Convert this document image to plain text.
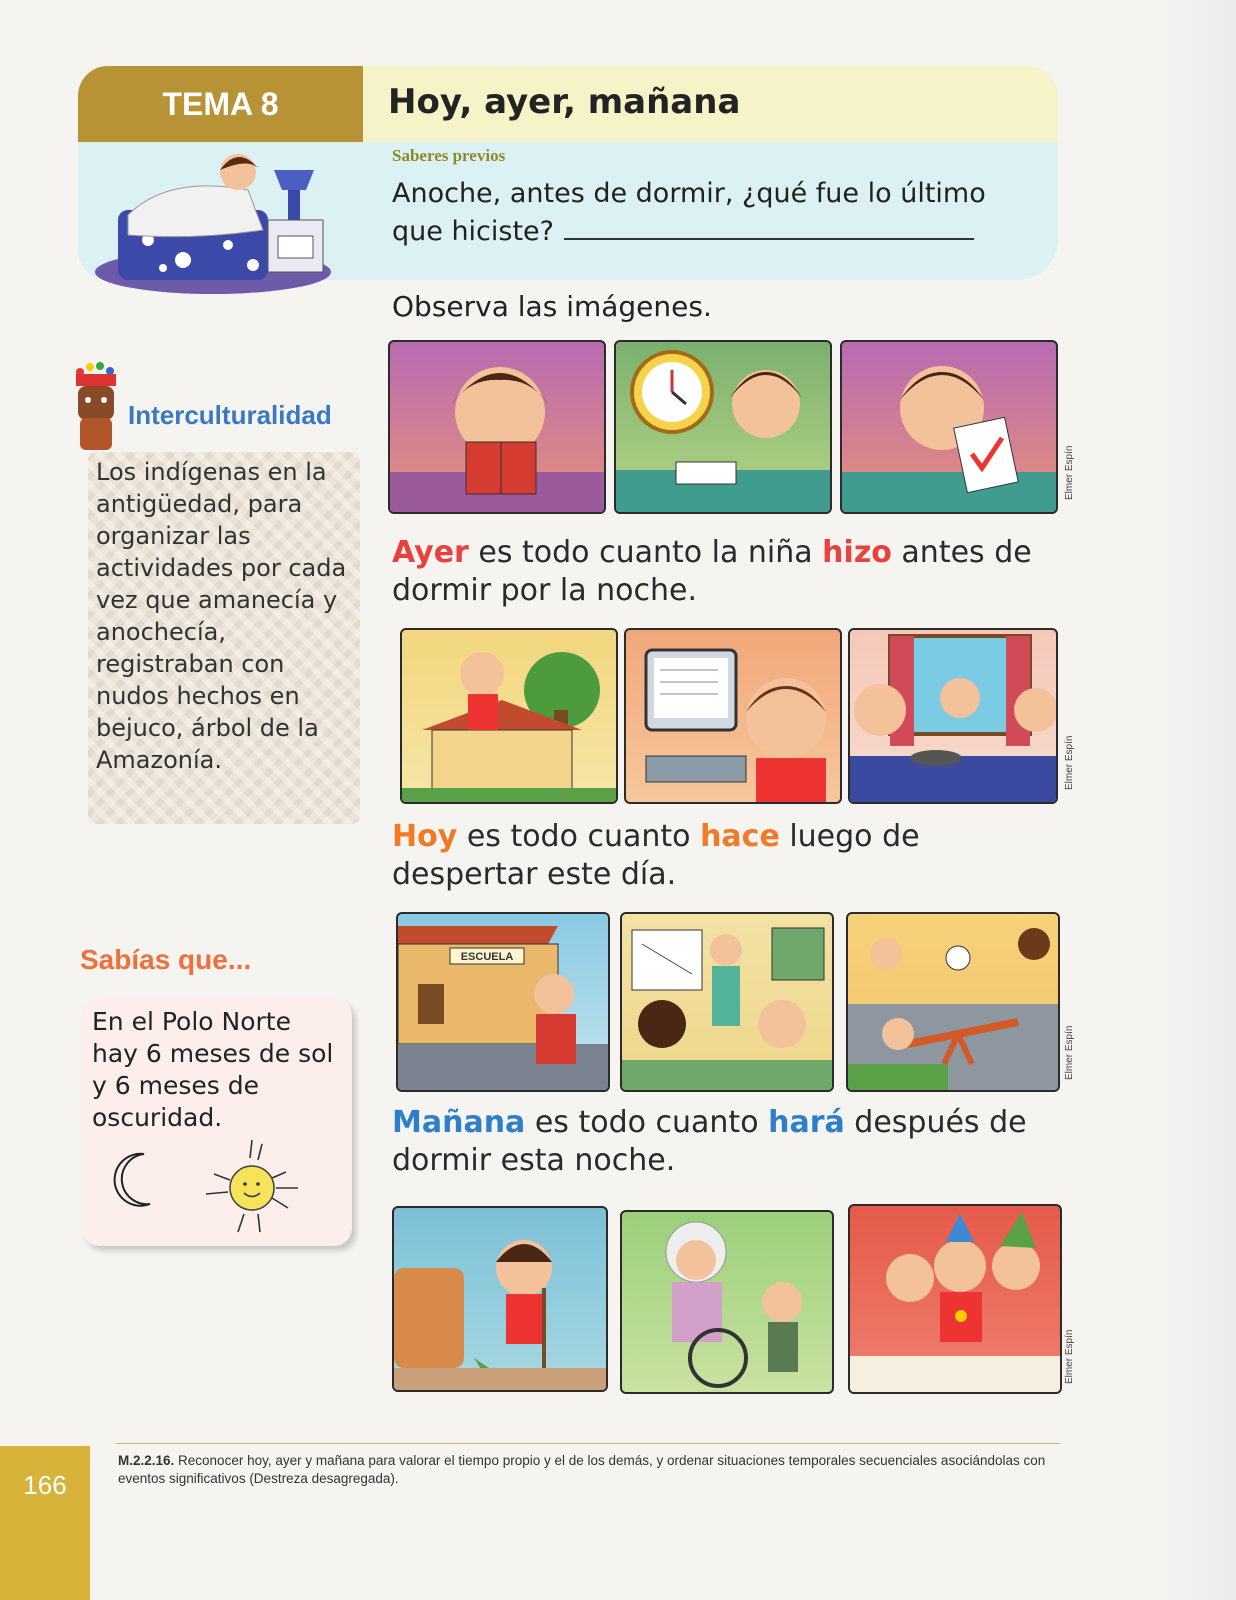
TEMA 8	Hoy, ayer, mañana
Saberes previos
Anoche, antes de dormir, ¿qué fue lo último que hiciste?
Observa las imágenes.
Interculturalidad
Los indígenas en la antigüedad, para organizar las actividades por cada vez que amanecía y anochecía, registraban con nudos hechos en bejuco, árbol de la Amazonía.
Sabías que...
En el Polo Norte hay 6 meses de sol y 6 meses de oscuridad.
Elmer Espín
Ayer es todo cuanto la niña hizo antes de dormir por la noche.
Elmer Espín
Hoy es todo cuanto hace luego de despertar este día.
ESCUELA
Elmer Espín
Mañana es todo cuanto hará después de dormir esta noche.
Elmer Espín
M.2.2.16. Reconocer hoy, ayer y mañana para valorar el tiempo propio y el de los demás, y ordenar situaciones temporales secuenciales asociándolas con eventos significativos (Destreza desagregada).
166
